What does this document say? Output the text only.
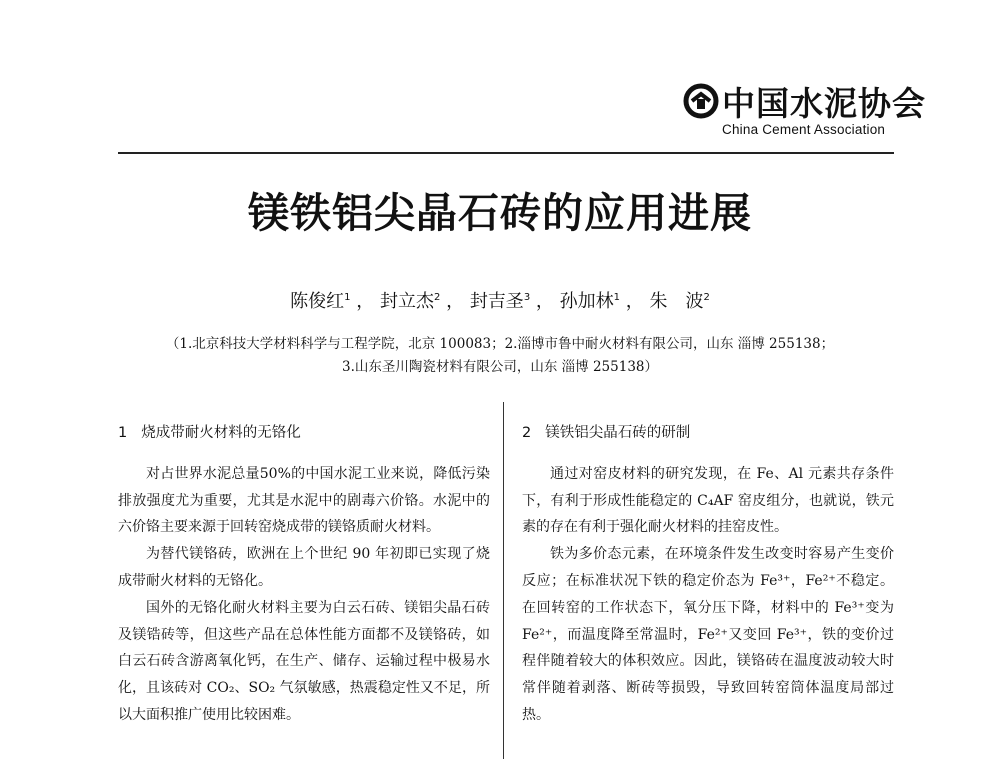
中国水泥协会
China Cement Association
镁铁铝尖晶石砖的应用进展
陈俊红$^1$ ， 封立杰$^2$ ， 封吉圣$^3$ ， 孙加林$^1$ ， 朱　波$^2$
（1.北京科技大学材料科学与工程学院，北京 100083；2.淄博市鲁中耐火材料有限公司，山东 淄博 255138；
3.山东圣川陶瓷材料有限公司，山东 淄博 255138）
1 烧成带耐火材料的无铬化

对占世界水泥总量50%的中国水泥工业来说，降低污染排放强度尤为重要，尤其是水泥中的剧毒六价铬。水泥中的六价铬主要来源于回转窑烧成带的镁铬质耐火材料。

为替代镁铬砖，欧洲在上个世纪 90 年初即已实现了烧成带耐火材料的无铬化。

国外的无铬化耐火材料主要为白云石砖、镁铝尖晶石砖及镁锆砖等，但这些产品在总体性能方面都不及镁铬砖，如白云石砖含游离氧化钙，在生产、储存、运输过程中极易水化，且该砖对 CO₂、SO₂ 气氛敏感，热震稳定性又不足，所以大面积推广使用比较困难。

2 镁铁铝尖晶石砖的研制

通过对窑皮材料的研究发现，在 Fe、Al 元素共存条件下，有利于形成性能稳定的 C₄AF 窑皮组分，也就说，铁元素的存在有利于强化耐火材料的挂窑皮性。

铁为多价态元素，在环境条件发生改变时容易产生变价反应；在标准状况下铁的稳定价态为 Fe³⁺，Fe²⁺不稳定。在回转窑的工作状态下，氧分压下降，材料中的 Fe³⁺变为 Fe²⁺，而温度降至常温时，Fe²⁺又变回 Fe³⁺，铁的变价过程伴随着较大的体积效应。因此，镁铬砖在温度波动较大时常伴随着剥落、断砖等损毁，导致回转窑筒体温度局部过热。
